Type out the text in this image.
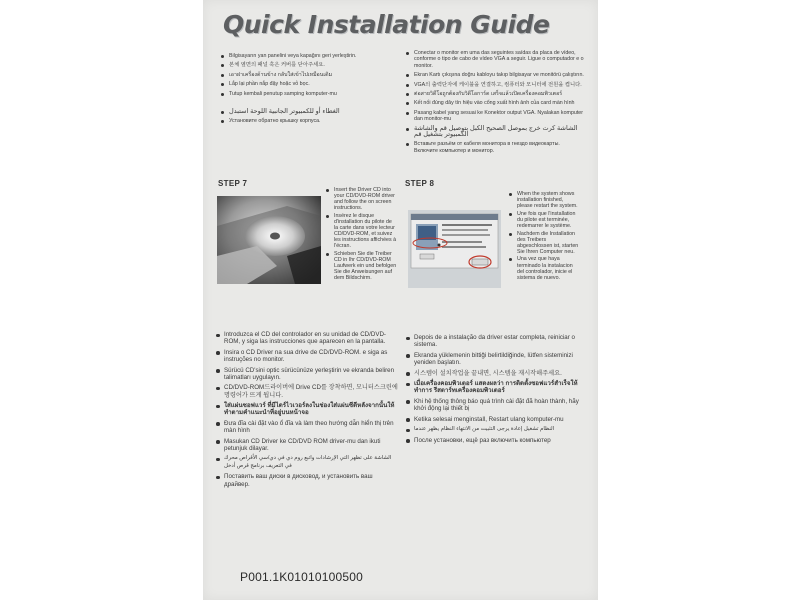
Quick Installation Guide
Bilgisayarın yan panelini veya kapağını geri yerleştirin.
본체 옆면의 패널 혹은 커버를 닫아주세요.
เอาฝาเครื่องด้านข้าง กลับใส่เข้าไปเหมือนเดิม
Lắp lại phần nắp đậy hoặc vỏ bọc.
Tutup kembali penutup samping komputer-mu
الغطاء أو للكمبيوتر الجانبية اللوحة استبدل
Установите обратно крышку корпуса.
Conectar o monitor em uma das seguintes saídas da placa de vídeo, conforme o tipo de cabo de vídeo VGA a seguir. Ligue o computador e o monitor.
Ekran Kartı çıkışına doğru kabloyu takıp bilgisayar ve monitörü çalıştırın.
VGA의 출력단자에 케이블을 연결하고, 컴퓨터와 모니터에 전원을 켭니다.
ต่อสายวิดีโอถูกต้องกับวิดีโอการ์ด เสร็จแล้วเปิดเครื่องคอมพิวเตอร์
Kết nối đúng dây tín hiệu vào cổng xuất hình ảnh của card màn hình
Pasang kabel yang sesuai ke Konektor output VGA. Nyalakan komputer dan monitor-mu
الشاشة كرت خرج بموصل الصحيح الكبل بتوصيل قم والشاشة الكمبيوتر بتشغيل قم
Вставьте разъём от кабеля монитора в гнездо видеокарты. Включите компьютер и монитор.
STEP 7
Insert the Driver CD into your CD/DVD-ROM driver and follow the on screen instructions.
Insérez le disque d'installation du pilote de la carte dans votre lecteur CD/DVD-ROM, et suivez les instructions affichées à l'écran.
Schieben Sie die Treiber CD in Ihr CD/DVD-ROM Laufwerk ein und befolgen Sie die Anweisungen auf dem Bildschirm.
STEP 8
When the system shows installation finished, please restart the system.
Une fois que l'installation du pilote est terminée, redemarrer le système.
Nachdem die Installation des Treibers abgeschlossen ist, starten Sie Ihren Computer neu.
Una vez que haya terminado la instalacion del controlador, inicie el sistema de nuevo.
Introduzca el CD del controlador en su unidad de CD/DVD-ROM, y siga las instrucciones que aparecen en la pantalla.
Insira o CD Driver na sua drive de CD/DVD-ROM. e siga as instruções no monitor.
Sürücü CD'sini optic sürücünüze yerleştirin ve ekranda beliren talimatları uygulayın.
CD/DVD-ROM드라이버에 Drive CD를 장착하면, 모니터스크린에 명령어가 뜨게 됩니다.
ใส่แผ่นซอฟแวร์ ที่มีไดร์ไวเวอร์ลงในช่องใส่แผ่นซีดีหลังจากนั้นให้ทำตามคำแนะนำที่อยู่บนหน้าจอ
Đưa đĩa cài đặt vào ổ đĩa và làm theo hướng dẫn hiển thị trên màn hình
Masukan CD Driver ke CD/DVD ROM driver-mu dan ikuti petunjuk dilayar.
الشاشة على تظهر التي الإرشادات واتبع روم دي في دي/سي الأقراص محرك في التعريف برنامج قرص أدخل
Поставить ваш диски в дисковод, и установить ваш драйвер.
Depois de a instalação da driver estar completa, reiniciar o sistema.
Ekranda yüklemenin bittiği belirtildiğinde, lütfen sisteminizi yeniden başlatın.
시스템이 설치작업을 끝내면, 시스템을 재시작해주세요.
เมื่อเครื่องคอมพิวเตอร์ แสดงผลว่า การติดตั้งซอฟแวร์สำเร็จให้ทำการ รีสตาร์ทเครื่องคอมพิวเตอร์
Khi hệ thống thông báo quá trình cài đặt đã hoàn thành, hãy khởi động lại thiết bị
Ketika selesai menginstall, Restart ulang komputer-mu
النظام تشغيل إعادة يرجى التثبيت من الانتهاء النظام يظهر عندما
После установки, ещё раз включить компьютер
P001.1K01010100500
